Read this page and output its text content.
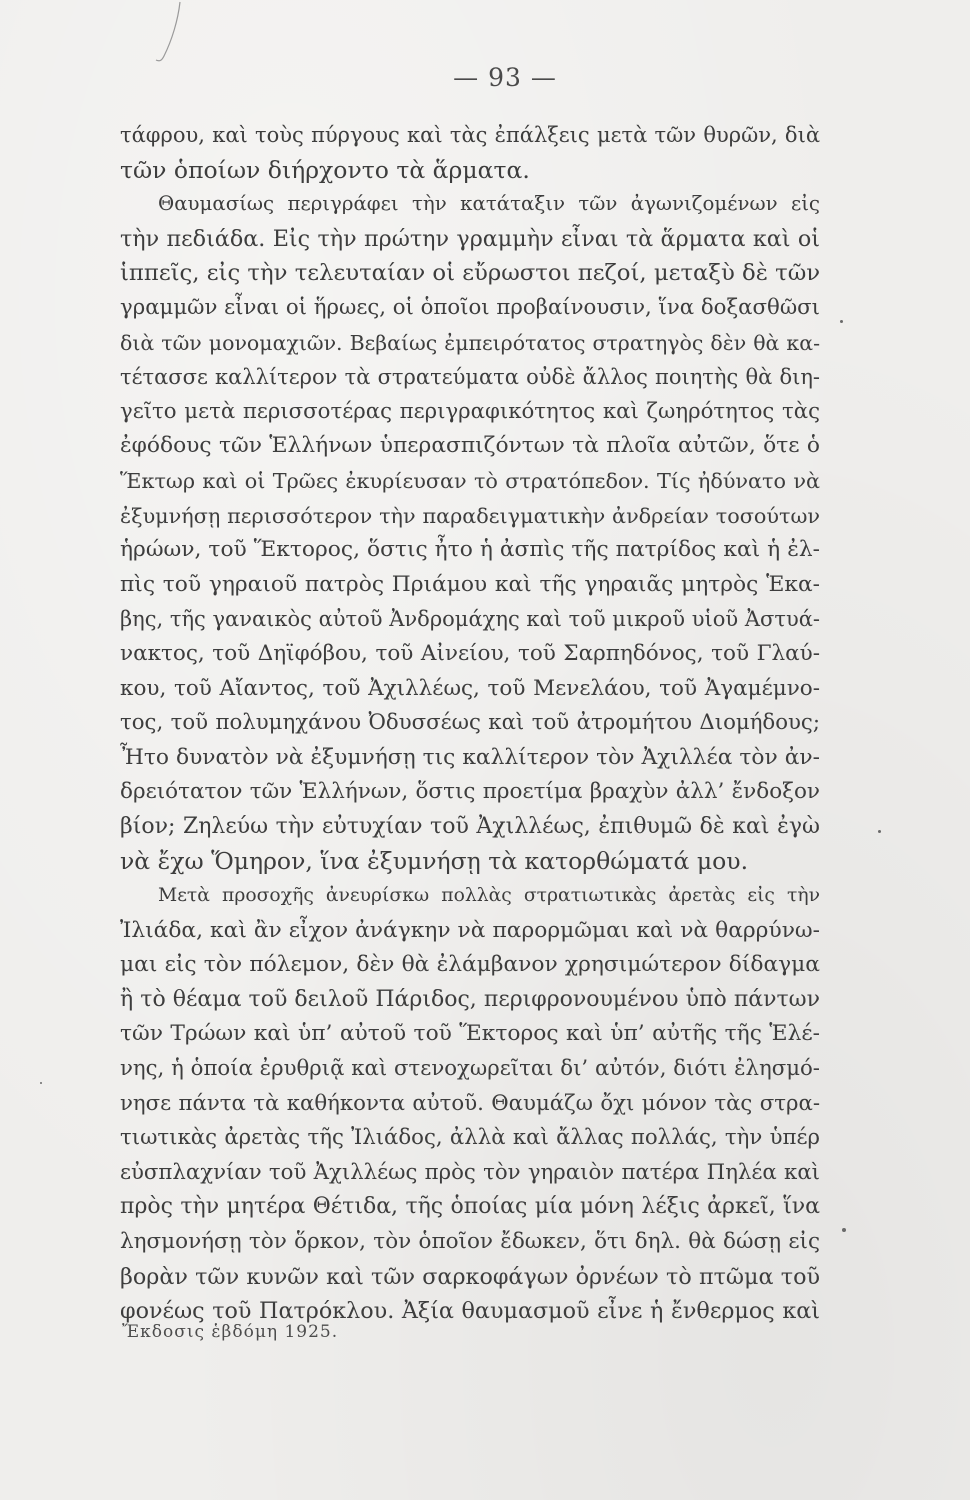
— 93 —
τάφρου, καὶ τοὺς πύργους καὶ τὰς ἐπάλξεις μετὰ τῶν θυρῶν, διὰ
τῶν ὁποίων διήρχοντο τὰ ἅρματα.
Θαυμασίως περιγράφει τὴν κατάταξιν τῶν ἀγωνιζομένων εἰς
τὴν πεδιάδα. Εἰς τὴν πρώτην γραμμὴν εἶναι τὰ ἅρματα καὶ οἱ
ἱππεῖς, εἰς τὴν τελευταίαν οἱ εὔρωστοι πεζοί, μεταξὺ δὲ τῶν
γραμμῶν εἶναι οἱ ἥρωες, οἱ ὁποῖοι προβαίνουσιν, ἵνα δοξασθῶσι
διὰ τῶν μονομαχιῶν. Βεβαίως ἐμπειρότατος στρατηγὸς δὲν θὰ κα-
τέτασσε καλλίτερον τὰ στρατεύματα οὐδὲ ἄλλος ποιητὴς θὰ διη-
γεῖτο μετὰ περισσοτέρας περιγραφικότητος καὶ ζωηρότητος τὰς
ἐφόδους τῶν Ἑλλήνων ὑπερασπιζόντων τὰ πλοῖα αὐτῶν, ὅτε ὁ
Ἕκτωρ καὶ οἱ Τρῶες ἐκυρίευσαν τὸ στρατόπεδον. Τίς ἠδύνατο νὰ
ἐξυμνήσῃ περισσότερον τὴν παραδειγματικὴν ἀνδρείαν τοσούτων
ἡρώων, τοῦ Ἕκτορος, ὅστις ἦτο ἡ ἀσπὶς τῆς πατρίδος καὶ ἡ ἐλ-
πὶς τοῦ γηραιοῦ πατρὸς Πριάμου καὶ τῆς γηραιᾶς μητρὸς Ἑκα-
βης, τῆς γαναικὸς αὐτοῦ Ἀνδρομάχης καὶ τοῦ μικροῦ υἱοῦ Ἀστυά-
νακτος, τοῦ Δηϊφόβου, τοῦ Αἰνείου, τοῦ Σαρπηδόνος, τοῦ Γλαύ-
κου, τοῦ Αἴαντος, τοῦ Ἀχιλλέως, τοῦ Μενελάου, τοῦ Ἀγαμέμνο-
τος, τοῦ πολυμηχάνου Ὀδυσσέως καὶ τοῦ ἀτρομήτου Διομήδους;
Ἦτο δυνατὸν νὰ ἐξυμνήσῃ τις καλλίτερον τὸν Ἀχιλλέα τὸν ἀν-
δρειότατον τῶν Ἑλλήνων, ὅστις προετίμα βραχὺν ἀλλ’ ἔνδοξον
βίον; Ζηλεύω τὴν εὐτυχίαν τοῦ Ἀχιλλέως, ἐπιθυμῶ δὲ καὶ ἐγὼ
νὰ ἔχω Ὅμηρον, ἵνα ἐξυμνήσῃ τὰ κατορθώματά μου.
Μετὰ προσοχῆς ἀνευρίσκω πολλὰς στρατιωτικὰς ἀρετὰς εἰς τὴν
Ἰλιάδα, καὶ ἂν εἶχον ἀνάγκην νὰ παρορμῶμαι καὶ νὰ θαρρύνω-
μαι εἰς τὸν πόλεμον, δὲν θὰ ἐλάμβανον χρησιμώτερον δίδαγμα
ἢ τὸ θέαμα τοῦ δειλοῦ Πάριδος, περιφρονουμένου ὑπὸ πάντων
τῶν Τρώων καὶ ὑπ’ αὐτοῦ τοῦ Ἕκτορος καὶ ὑπ’ αὐτῆς τῆς Ἑλέ-
νης, ἡ ὁποία ἐρυθριᾷ καὶ στενοχωρεῖται δι’ αὐτόν, διότι ἐλησμό-
νησε πάντα τὰ καθήκοντα αὐτοῦ. Θαυμάζω ὄχι μόνον τὰς στρα-
τιωτικὰς ἀρετὰς τῆς Ἰλιάδος, ἀλλὰ καὶ ἄλλας πολλάς, τὴν ὑπέρ
εὐσπλαχνίαν τοῦ Ἀχιλλέως πρὸς τὸν γηραιὸν πατέρα Πηλέα καὶ
πρὸς τὴν μητέρα Θέτιδα, τῆς ὁποίας μία μόνη λέξις ἀρκεῖ, ἵνα
λησμονήσῃ τὸν ὅρκον, τὸν ὁποῖον ἔδωκεν, ὅτι δηλ. θὰ δώσῃ εἰς
βορὰν τῶν κυνῶν καὶ τῶν σαρκοφάγων ὀρνέων τὸ πτῶμα τοῦ
φονέως τοῦ Πατρόκλου. Ἀξία θαυμασμοῦ εἶνε ἡ ἔνθερμος καὶ
Ἔκδοσις ἑβδόμη 1925.
